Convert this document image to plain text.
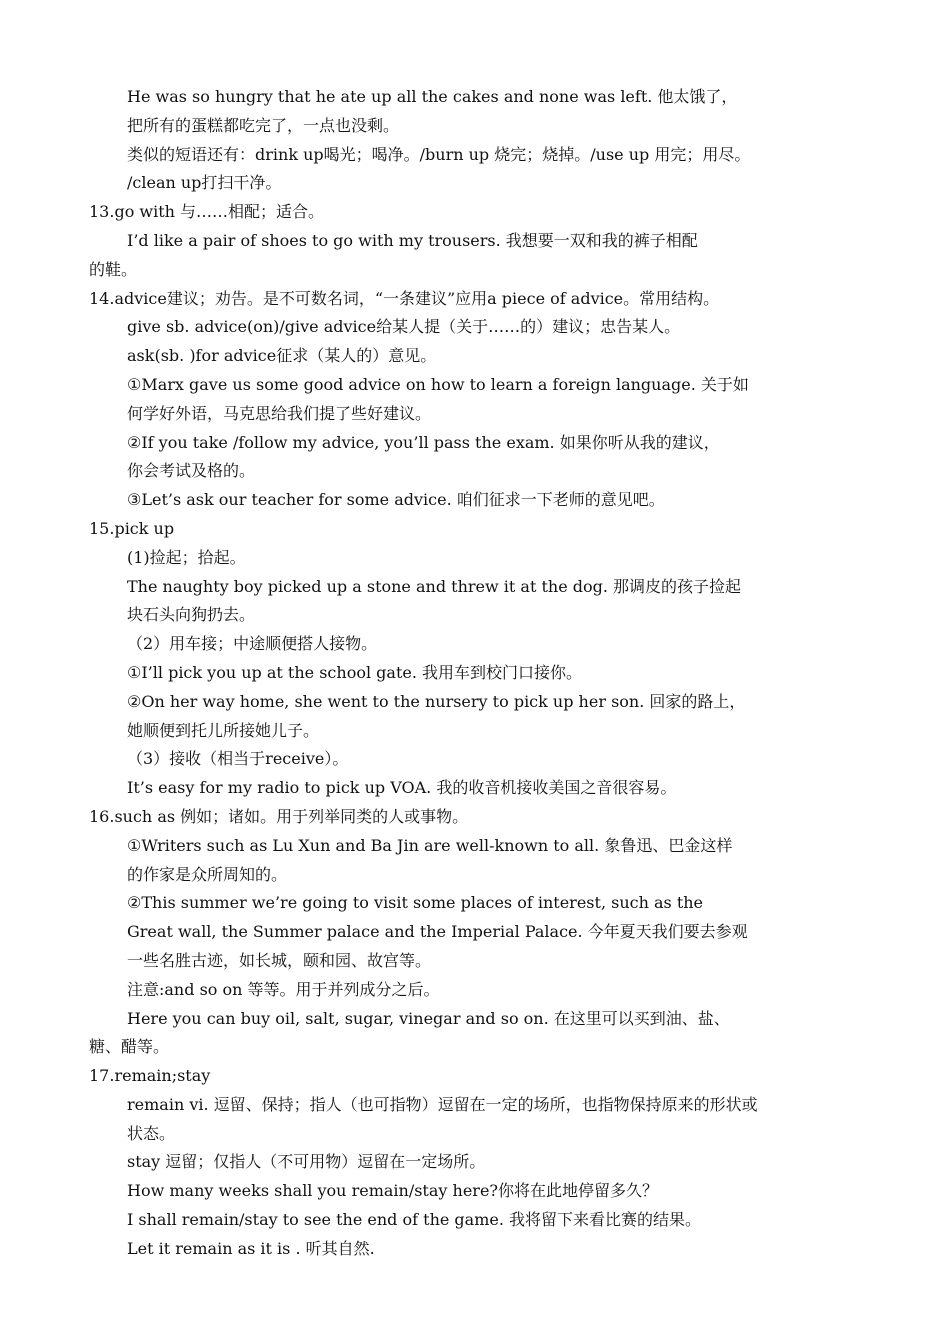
He was so hungry that he ate up all the cakes and none was left. 他太饿了，

把所有的蛋糕都吃完了，一点也没剩。

类似的短语还有：drink up喝光；喝净。/burn up 烧完；烧掉。/use up 用完；用尽。

/clean up打扫干净。

13.go with 与……相配；适合。

I’d like a pair of shoes to go with my trousers. 我想要一双和我的裤子相配

的鞋。

14.advice建议；劝告。是不可数名词，“一条建议”应用a piece of advice。常用结构。

give sb. advice(on)/give advice给某人提（关于……的）建议；忠告某人。

ask(sb. )for advice征求（某人的）意见。

①Marx gave us some good advice on how to learn a foreign language. 关于如

何学好外语，马克思给我们提了些好建议。

②If you take /follow my advice, you’ll pass the exam. 如果你听从我的建议，

你会考试及格的。

③Let’s ask our teacher for some advice. 咱们征求一下老师的意见吧。

15.pick up

(1)捡起；拾起。

The naughty boy picked up a stone and threw it at the dog. 那调皮的孩子捡起

块石头向狗扔去。

（2）用车接；中途顺便搭人接物。

①I’ll pick you up at the school gate. 我用车到校门口接你。

②On her way home, she went to the nursery to pick up her son. 回家的路上，

她顺便到托儿所接她儿子。

（3）接收（相当于receive）。

It’s easy for my radio to pick up VOA. 我的收音机接收美国之音很容易。

16.such as 例如；诸如。用于列举同类的人或事物。

①Writers such as Lu Xun and Ba Jin are well-known to all. 象鲁迅、巴金这样

的作家是众所周知的。

②This summer we’re going to visit some places of interest, such as the

Great wall, the Summer palace and the Imperial Palace. 今年夏天我们要去参观

一些名胜古迹，如长城，颐和园、故宫等。

注意:and so on 等等。用于并列成分之后。

Here you can buy oil, salt, sugar, vinegar and so on. 在这里可以买到油、盐、

糖、醋等。

17.remain;stay

remain vi. 逗留、保持；指人（也可指物）逗留在一定的场所，也指物保持原来的形状或

状态。

stay 逗留；仅指人（不可用物）逗留在一定场所。

How many weeks shall you remain/stay here?你将在此地停留多久？

I shall remain/stay to see the end of the game. 我将留下来看比赛的结果。

Let it remain as it is . 听其自然.
